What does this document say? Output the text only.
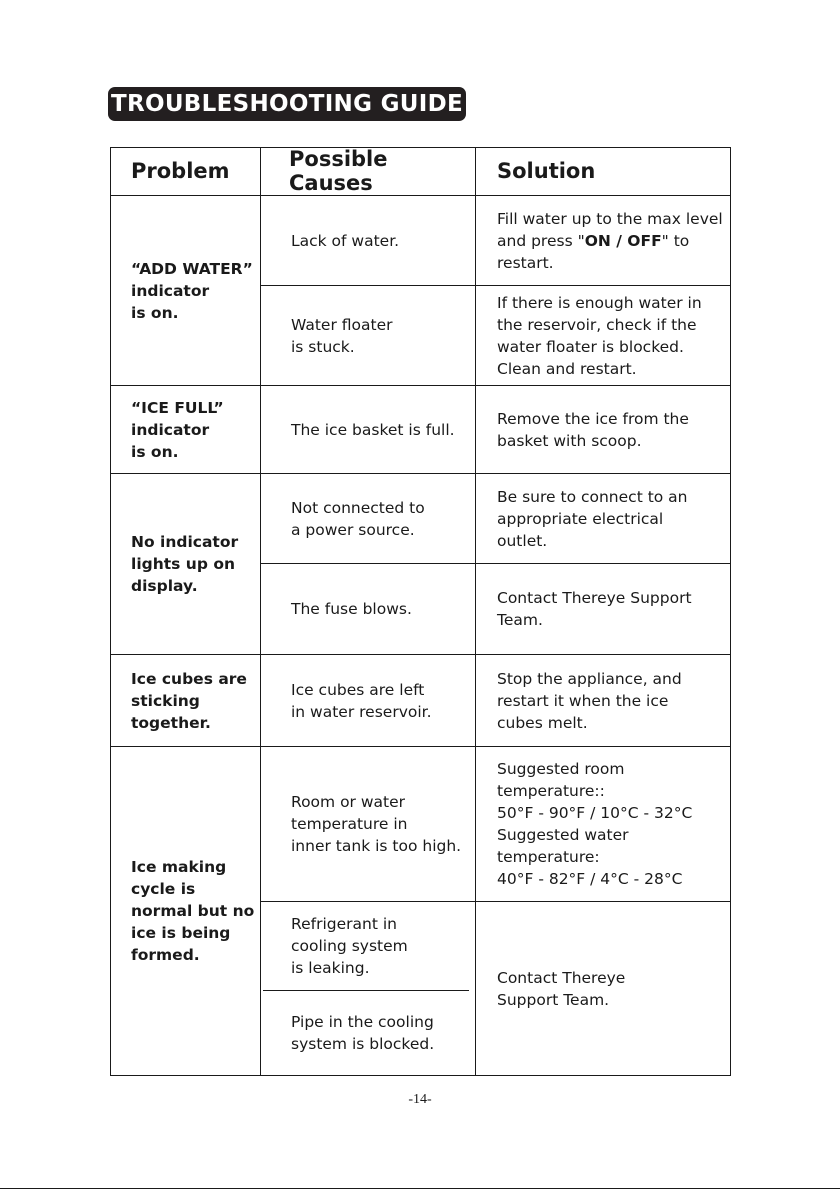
TROUBLESHOOTING GUIDE
Problem	Possible Causes	Solution
“ADD WATER”
indicator
is on.
Lack of water.
Fill water up to the max level
and press "ON / OFF" to
restart.
Water floater
is stuck.
If there is enough water in
the reservoir, check if the
water floater is blocked.
Clean and restart.
“ICE FULL”
indicator
is on.
The ice basket is full.
Remove the ice from the
basket with scoop.
No indicator
lights up on
display.
Not connected to
a power source.
Be sure to connect to an
appropriate electrical
outlet.
The fuse blows.
Contact Thereye Support
Team.
Ice cubes are
sticking
together.
Ice cubes are left
in water reservoir.
Stop the appliance, and
restart it when the ice
cubes melt.
Ice making
cycle is
normal but no
ice is being
formed.
Room or water
temperature in
inner tank is too high.
Suggested room
temperature::
50°F - 90°F / 10°C - 32°C
Suggested water
temperature:
40°F - 82°F / 4°C - 28°C
Refrigerant in
cooling system
is leaking.
Pipe in the cooling
system is blocked.
Contact Thereye
Support Team.
-14-
